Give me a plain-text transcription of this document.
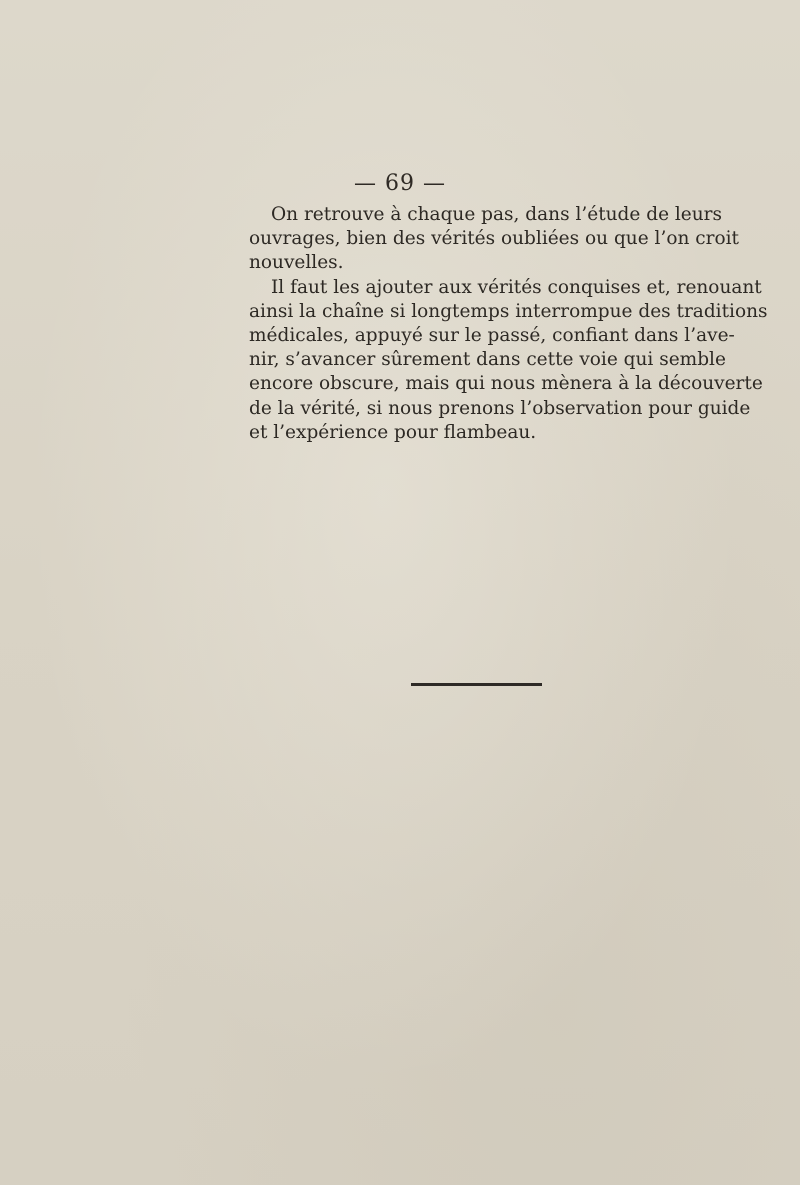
— 69 —
On retrouve à chaque pas, dans l’étude de leurs
ouvrages, bien des vérités oubliées ou que l’on croit
nouvelles.
Il faut les ajouter aux vérités conquises et, renouant
ainsi la chaîne si longtemps interrompue des traditions
médicales, appuyé sur le passé, confiant dans l’ave-
nir, s’avancer sûrement dans cette voie qui semble
encore obscure, mais qui nous mènera à la découverte
de la vérité, si nous prenons l’observation pour guide
et l’expérience pour flambeau.
